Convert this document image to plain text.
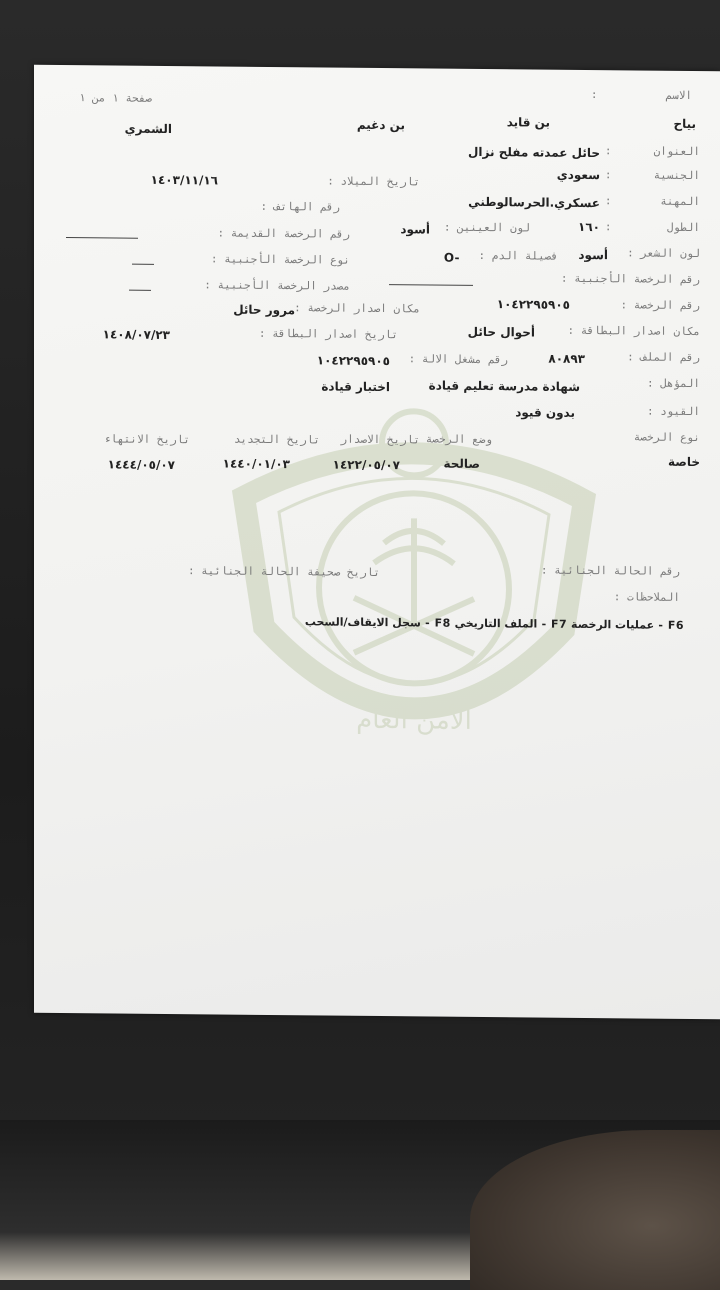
الأمن العام
صفحة ١ من ١	الاسم
:
بياح
بن قايد
بن دغيم
الشمري
العنوان
:
حائل عمدته مفلح نزال
الجنسية
:
سعودي
تاريخ الميلاد :
١٤٠٣/١١/١٦
المهنة
:
عسكري.الحرسالوطني
رقم الهاتف :
الطول
:
١٦٠
لون العينين :
أسود
رقم الرخصة القديمة :
لون الشعر :
أسود
فصيلة الدم :
-O
نوع الرخصة الأجنبية :
رقم الرخصة الأجنبية :
مصدر الرخصة الأجنبية :
رقم الرخصة :
١٠٤٢٢٩٥٩٠٥
مكان اصدار الرخصة :
مرور حائل
مكان اصدار البطاقة :
أحوال حائل
تاريخ اصدار البطاقة :
١٤٠٨/٠٧/٢٣
رقم الملف :
٨٠٨٩٣
رقم مشغل الالة :
١٠٤٢٢٩٥٩٠٥
المؤهل :
شهادة مدرسة تعليم قيادة
اختبار قيادة
القيود :
بدون قيود
نوع الرخصة
وضع الرخصة
تاريخ الاصدار
تاريخ التجديد
تاريخ الانتهاء
خاصة
صالحة
١٤٢٢/٠٥/٠٧
١٤٤٠/٠١/٠٣
١٤٤٤/٠٥/٠٧
رقم الحالة الجنائية :
تاريخ صحيفة الحالة الجنائية :
الملاحظات :
F6 - عمليات الرخصة F7 - الملف التاريخي F8 - سجل الايقاف/السحب
